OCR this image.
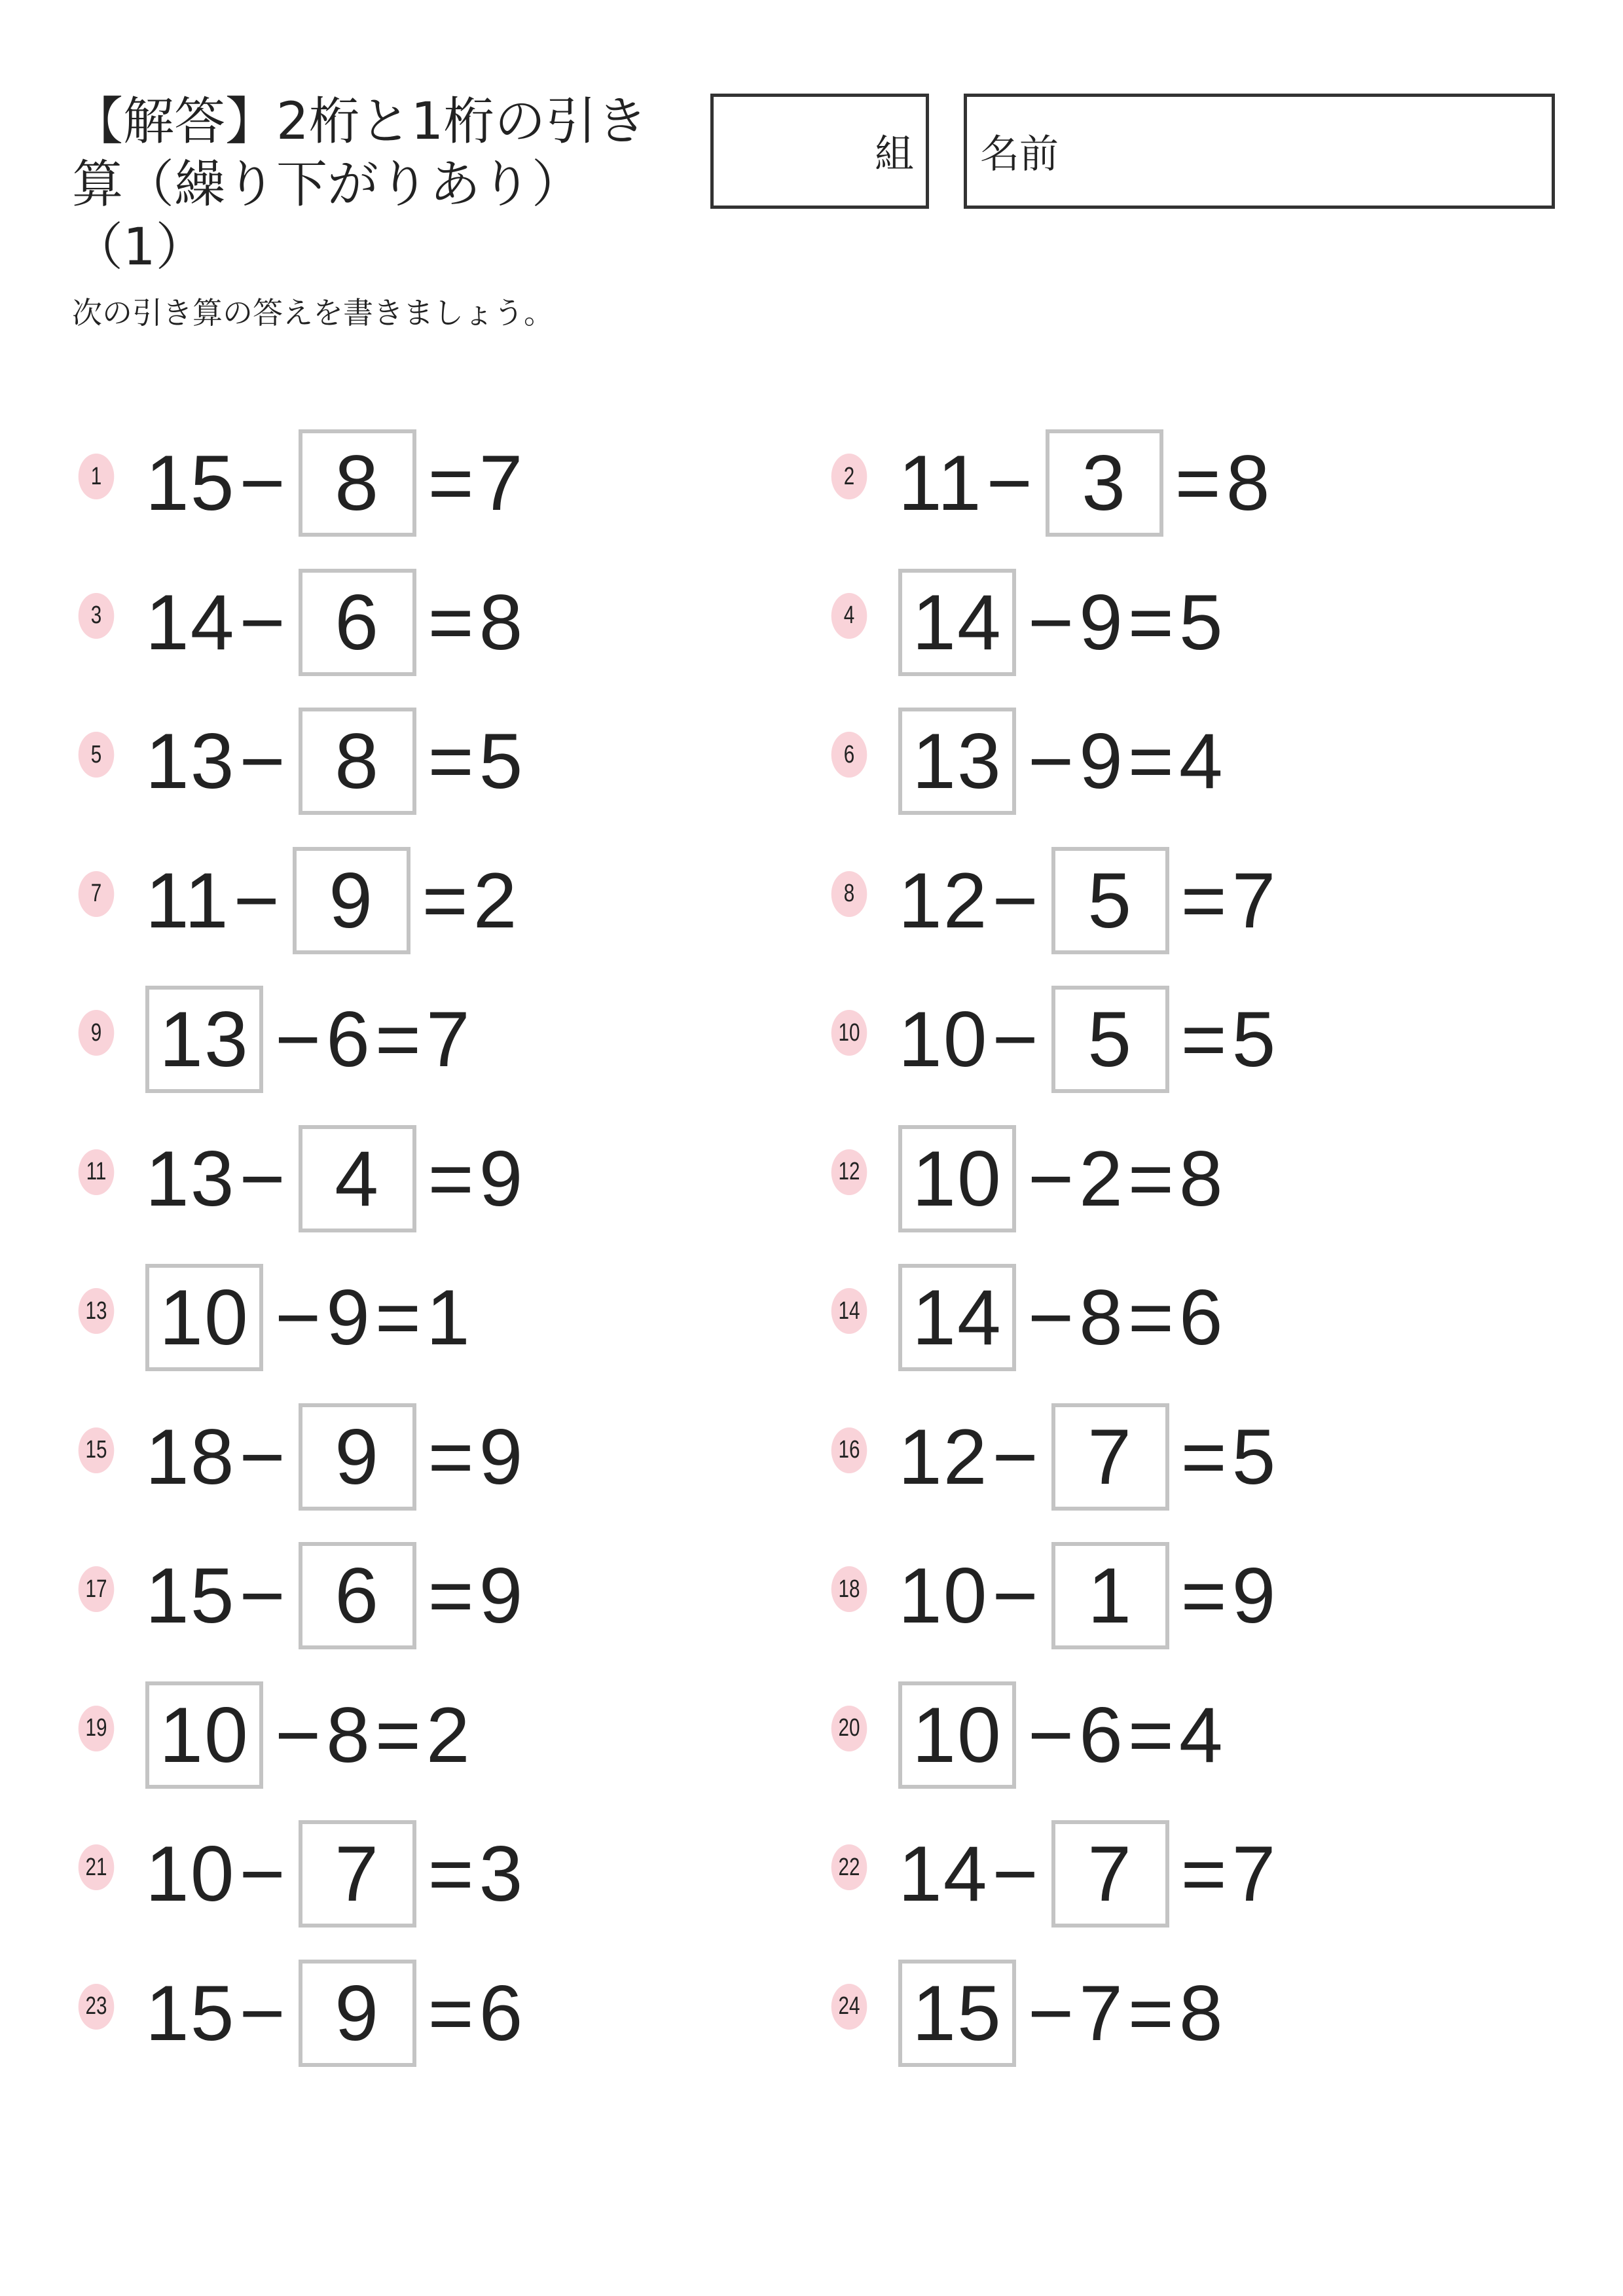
【解答】2桁と1桁の引き算（繰り下がりあり）（1）
次の引き算の答えを書きましょう。
組 名前
1 15 − 8 = 7	2 11 − 3 = 8
3 14 − 6 = 8	4 14 − 9 = 5
5 13 − 8 = 5	6 13 − 9 = 4
7 11 − 9 = 2	8 12 − 5 = 7
9 13 − 6 = 7	10 10 − 5 = 5
11 13 − 4 = 9	12 10 − 2 = 8
13 10 − 9 = 1	14 14 − 8 = 6
15 18 − 9 = 9	16 12 − 7 = 5
17 15 − 6 = 9	18 10 − 1 = 9
19 10 − 8 = 2	20 10 − 6 = 4
21 10 − 7 = 3	22 14 − 7 = 7
23 15 − 9 = 6	24 15 − 7 = 8
